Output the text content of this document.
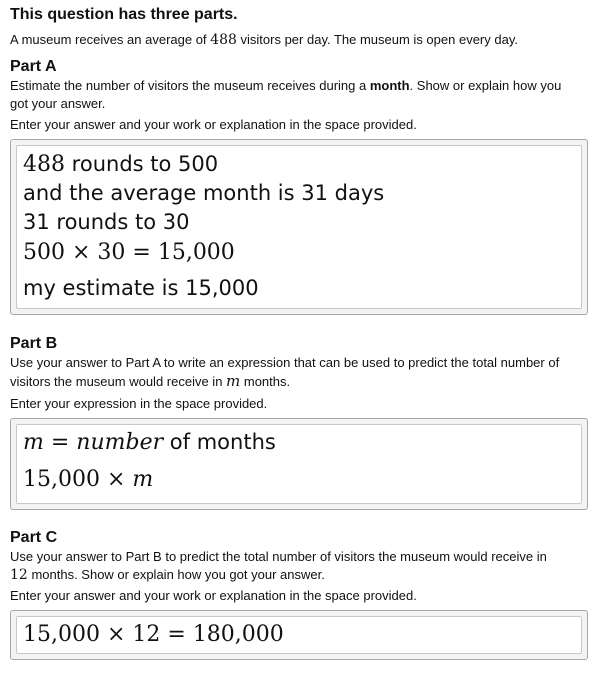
This question has three parts.

A museum receives an average of 488 visitors per day. The museum is open every day.

Part A

Estimate the number of visitors the museum receives during a month. Show or explain how you
got your answer.

Enter your answer and your work or explanation in the space provided.

488 rounds to 500
and the average month is 31 days
31 rounds to 30
500 × 30 = 15,000
my estimate is 15,000
Part B

Use your answer to Part A to write an expression that can be used to predict the total number of
visitors the museum would receive in m months.

Enter your expression in the space provided.

m = number of months
15,000 × m
Part C

Use your answer to Part B to predict the total number of visitors the museum would receive in
12 months. Show or explain how you got your answer.

Enter your answer and your work or explanation in the space provided.

15,000 × 12 = 180,000
